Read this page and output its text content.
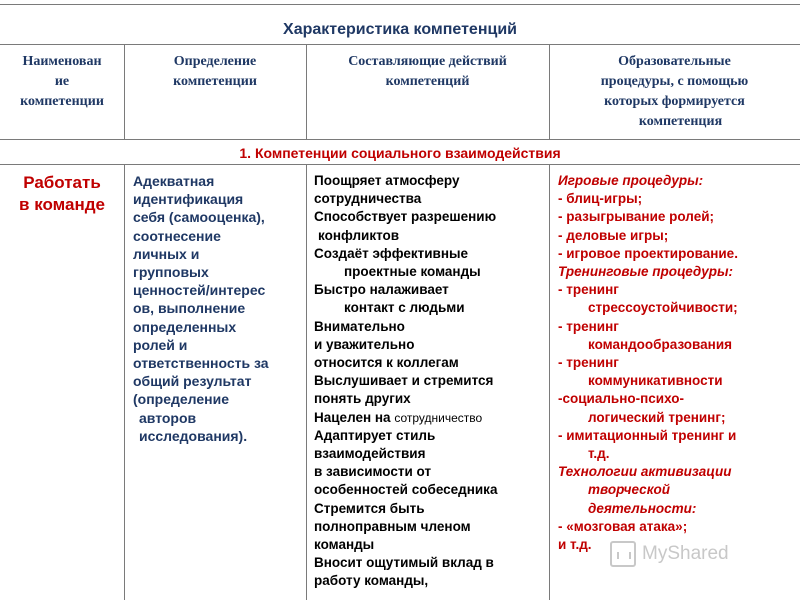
Характеристика компетенций
Наименован
ие
компетенции
Определение
компетенции
Составляющие действий
компетенций
Образовательные
процедуры, с помощью
которых формируется
компетенция
1. Компетенции социального взаимодействия
Работать
в команде
Адекватная
идентификация
себя (самооценка),
соотнесение
личных и
групповых
ценностей/интерес
ов, выполнение
определенных
ролей и
ответственность за
общий результат
(определение
авторов
исследования).
Поощряет атмосферу
сотрудничества
Способствует разрешению
конфликтов
Создаёт эффективные
проектные команды
Быстро налаживает
контакт с людьми
Внимательно
и уважительно
относится к коллегам
Выслушивает и стремится
понять других
Нацелен на сотрудничество
Адаптирует стиль
взаимодействия
в зависимости от
особенностей собеседника
Стремится быть
полноправным членом
команды
Вносит ощутимый вклад в
работу команды,
Игровые процедуры:
- блиц-игры;
- разыгрывание ролей;
- деловые игры;
- игровое проектирование.
Тренинговые процедуры:
- тренинг
стрессоустойчивости;
- тренинг
командообразования
- тренинг
коммуникативности
-социально-психо-
логический тренинг;
- имитационный тренинг и
т.д.
Технологии активизации
творческой
деятельности:
- «мозговая атака»;
и т.д.	MyShared
